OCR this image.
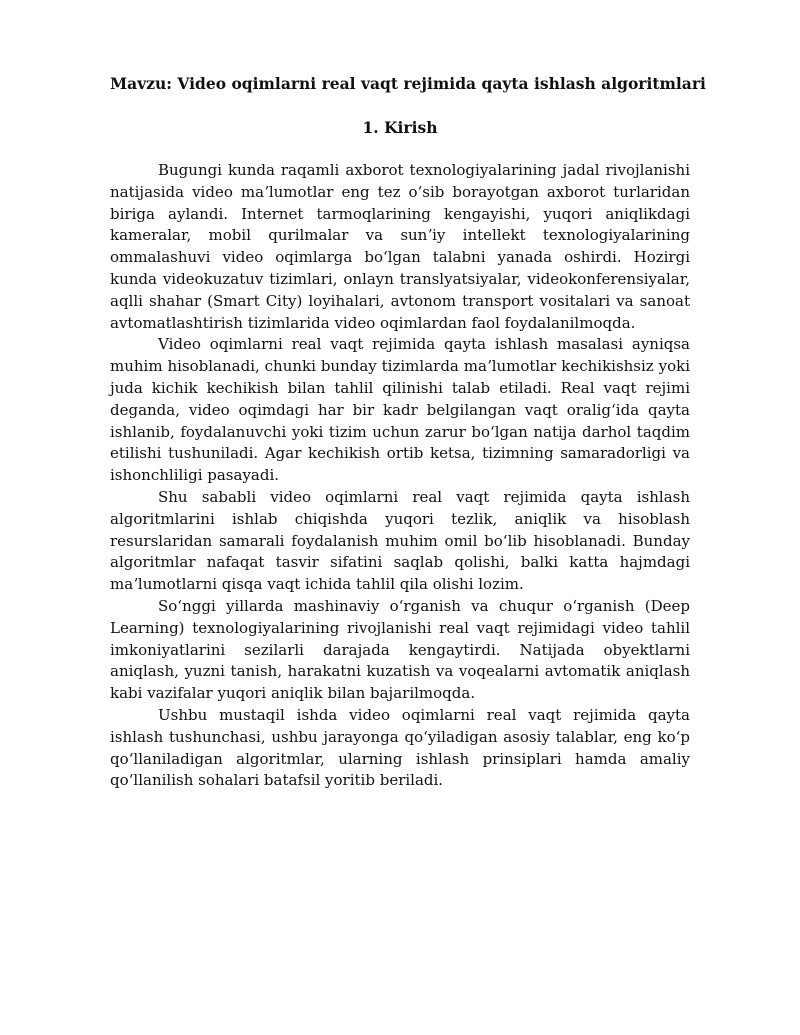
Mavzu: Video oqimlarni real vaqt rejimida qayta ishlash algoritmlari
1. Kirish

Bugungi kunda raqamli axborot texnologiyalarining jadal rivojlanishi natijasida video maʼlumotlar eng tez oʻsib borayotgan axborot turlaridan biriga aylandi. Internet tarmoqlarining kengayishi, yuqori aniqlikdagi kameralar, mobil qurilmalar va sunʼiy intellekt texnologiyalarining ommalashuvi video oqimlarga boʻlgan talabni yanada oshirdi. Hozirgi kunda videokuzatuv tizimlari, onlayn translyatsiyalar, videokonferensiyalar, aqlli shahar (Smart City) loyihalari, avtonom transport vositalari va sanoat avtomatlashtirish tizimlarida video oqimlardan faol foydalanilmoqda.

Video oqimlarni real vaqt rejimida qayta ishlash masalasi ayniqsa muhim hisoblanadi, chunki bunday tizimlarda maʼlumotlar kechikishsiz yoki juda kichik kechikish bilan tahlil qilinishi talab etiladi. Real vaqt rejimi deganda, video oqimdagi har bir kadr belgilangan vaqt oraligʻida qayta ishlanib, foydalanuvchi yoki tizim uchun zarur boʻlgan natija darhol taqdim etilishi tushuniladi. Agar kechikish ortib ketsa, tizimning samaradorligi va ishonchliligi pasayadi.

Shu sababli video oqimlarni real vaqt rejimida qayta ishlash algoritmlarini ishlab chiqishda yuqori tezlik, aniqlik va hisoblash resurslaridan samarali foydalanish muhim omil boʻlib hisoblanadi. Bunday algoritmlar nafaqat tasvir sifatini saqlab qolishi, balki katta hajmdagi maʼlumotlarni qisqa vaqt ichida tahlil qila olishi lozim.

Soʻnggi yillarda mashinaviy oʻrganish va chuqur oʻrganish (Deep Learning) texnologiyalarining rivojlanishi real vaqt rejimidagi video tahlil imkoniyatlarini sezilarli darajada kengaytirdi. Natijada obyektlarni aniqlash, yuzni tanish, harakatni kuzatish va voqealarni avtomatik aniqlash kabi vazifalar yuqori aniqlik bilan bajarilmoqda.

Ushbu mustaqil ishda video oqimlarni real vaqt rejimida qayta ishlash tushunchasi, ushbu jarayonga qoʻyiladigan asosiy talablar, eng koʻp qoʻllaniladigan algoritmlar, ularning ishlash prinsiplari hamda amaliy qoʻllanilish sohalari batafsil yoritib beriladi.
